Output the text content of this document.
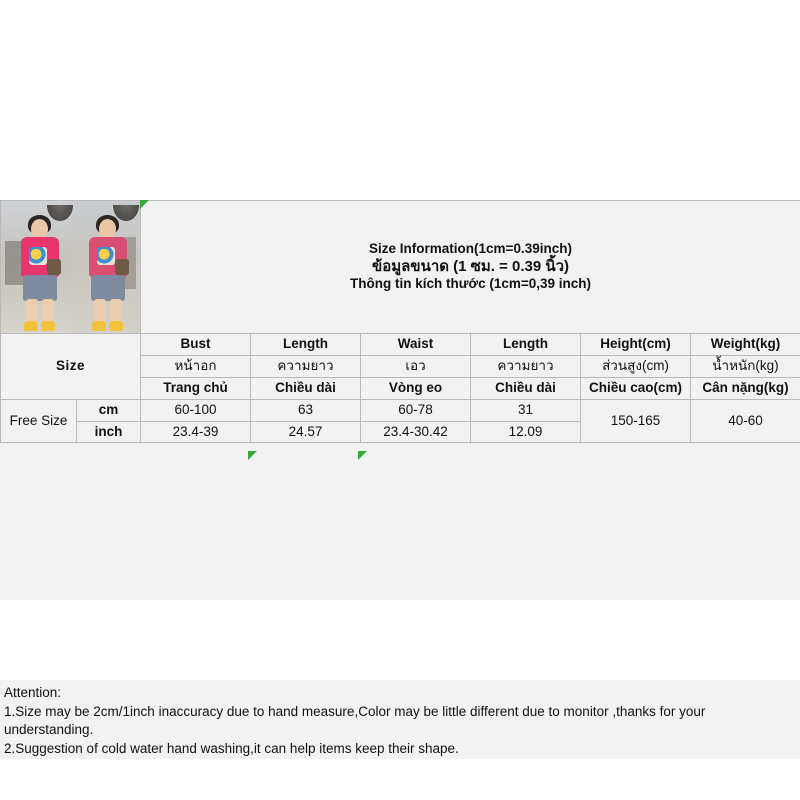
		Size Information(1cm=0.39inch)
ข้อมูลขนาด (1 ซม. = 0.39 นิ้ว)
Thông tin kích thước (1cm=0,39 inch)					

Size		Bust	Length	Waist	Length	Height(cm)	Weight(kg)
		หน้าอก	ความยาว	เอว	ความยาว	ส่วนสูง(cm)	น้ำหนัก(kg)
		Trang chủ	Chiều dài	Vòng eo	Chiều dài	Chiều cao(cm)	Cân nặng(kg)
Free Size	cm	60-100	63	60-78	31	150-165	40-60
	inch	23.4-39	24.57	23.4-30.42	12.09		

Attention:

1.Size may be 2cm/1inch inaccuracy due to hand measure,Color may be little different due to monitor ,thanks for your understanding.

2.Suggestion of cold water hand washing,it can help items keep their shape.
